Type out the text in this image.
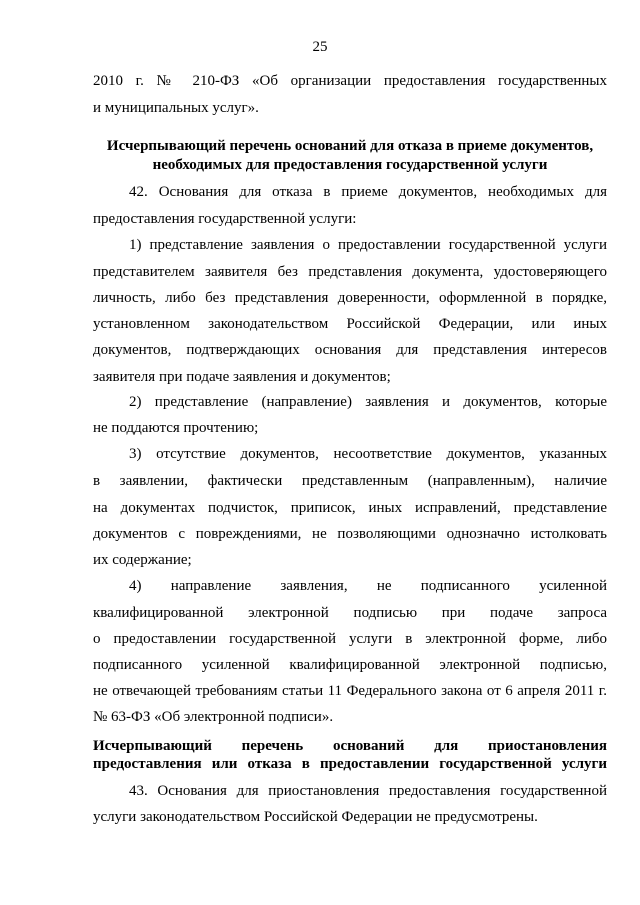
25
2010 г. № 210-ФЗ «Об организации предоставления государственных
и муниципальных услуг».
Исчерпывающий перечень оснований для отказа в приеме документов,
необходимых для предоставления государственной услуги
42. Основания для отказа в приеме документов, необходимых для
предоставления государственной услуги:
1) представление заявления о предоставлении государственной услуги
представителем заявителя без представления документа, удостоверяющего
личность, либо без представления доверенности, оформленной в порядке,
установленном законодательством Российской Федерации, или иных
документов, подтверждающих основания для представления интересов
заявителя при подаче заявления и документов;
2) представление (направление) заявления и документов, которые
не поддаются прочтению;
3) отсутствие документов, несоответствие документов, указанных
в заявлении, фактически представленным (направленным), наличие
на документах подчисток, приписок, иных исправлений, представление
документов с повреждениями, не позволяющими однозначно истолковать
их содержание;
4) направление заявления, не подписанного усиленной
квалифицированной электронной подписью при подаче запроса
о предоставлении государственной услуги в электронной форме, либо
подписанного усиленной квалифицированной электронной подписью,
не отвечающей требованиям статьи 11 Федерального закона от 6 апреля 2011 г.
№ 63-ФЗ «Об электронной подписи».
Исчерпывающий перечень оснований для приостановления
предоставления или отказа в предоставлении государственной услуги
43. Основания для приостановления предоставления государственной
услуги законодательством Российской Федерации не предусмотрены.
